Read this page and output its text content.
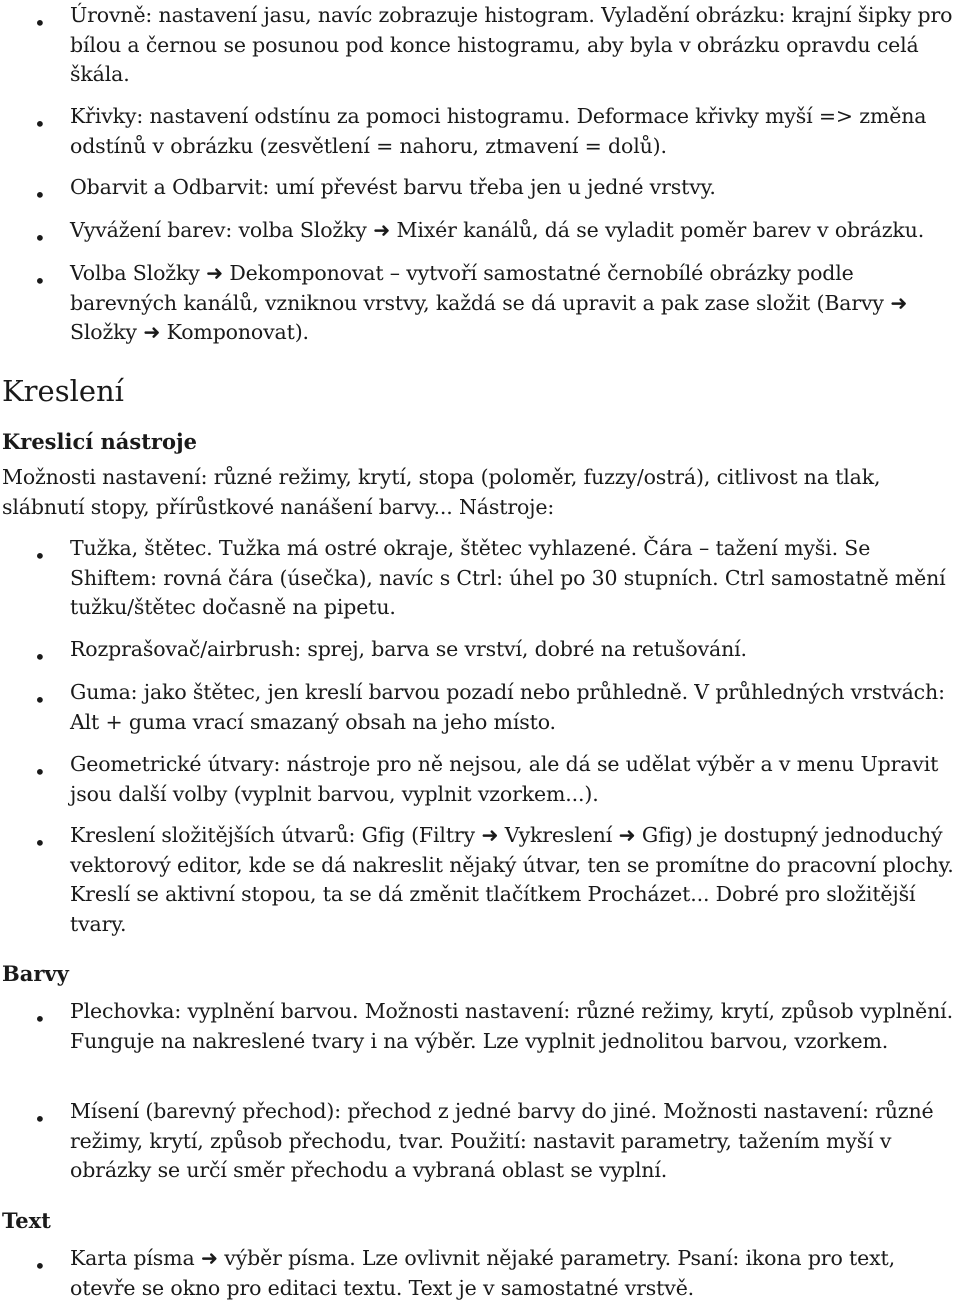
•

Úrovně: nastavení jasu, navíc zobrazuje histogram. Vyladění obrázku: krajní šipky pro bílou a černou se posunou pod konce histogramu, aby byla v obrázku opravdu celá škála.

•

Křivky: nastavení odstínu za pomoci histogramu. Deformace křivky myší => změna odstínů v obrázku (zesvětlení = nahoru, ztmavení = dolů).

•

Obarvit a Odbarvit: umí převést barvu třeba jen u jedné vrstvy.

•

Vyvážení barev: volba Složky ➜ Mixér kanálů, dá se vyladit poměr barev v obrázku.

•

Volba Složky ➜ Dekomponovat – vytvoří samostatné černobílé obrázky podle barevných kanálů, vzniknou vrstvy, každá se dá upravit a pak zase složit (Barvy ➜ Složky ➜ Komponovat).

Kreslení
Kreslicí nástroje

Možnosti nastavení: různé režimy, krytí, stopa (poloměr, fuzzy/ostrá), citlivost na tlak, slábnutí stopy, přírůstkové nanášení barvy... Nástroje:

•

Tužka, štětec. Tužka má ostré okraje, štětec vyhlazené. Čára – tažení myši. Se Shiftem: rovná čára (úsečka), navíc s Ctrl: úhel po 30 stupních. Ctrl samostatně mění tužku/štětec dočasně na pipetu.

•

Rozprašovač/airbrush: sprej, barva se vrství, dobré na retušování.

•

Guma: jako štětec, jen kreslí barvou pozadí nebo průhledně. V průhledných vrstvách: Alt + guma vrací smazaný obsah na jeho místo.

•

Geometrické útvary: nástroje pro ně nejsou, ale dá se udělat výběr a v menu Upravit jsou další volby (vyplnit barvou, vyplnit vzorkem...).

•

Kreslení složitějších útvarů: Gfig (Filtry ➜ Vykreslení ➜ Gfig) je dostupný jednoduchý vektorový editor, kde se dá nakreslit nějaký útvar, ten se promítne do pracovní plochy. Kreslí se aktivní stopou, ta se dá změnit tlačítkem Procházet... Dobré pro složitější tvary.

Barvy
•

Plechovka: vyplnění barvou. Možnosti nastavení: různé režimy, krytí, způsob vyplnění. Funguje na nakreslené tvary i na výběr. Lze vyplnit jednolitou barvou, vzorkem.

•

Mísení (barevný přechod): přechod z jedné barvy do jiné. Možnosti nastavení: různé režimy, krytí, způsob přechodu, tvar. Použití: nastavit parametry, tažením myší v obrázky se určí směr přechodu a vybraná oblast se vyplní.

Text
•

Karta písma ➜ výběr písma. Lze ovlivnit nějaké parametry. Psaní: ikona pro text, otevře se okno pro editaci textu. Text je v samostatné vrstvě.
